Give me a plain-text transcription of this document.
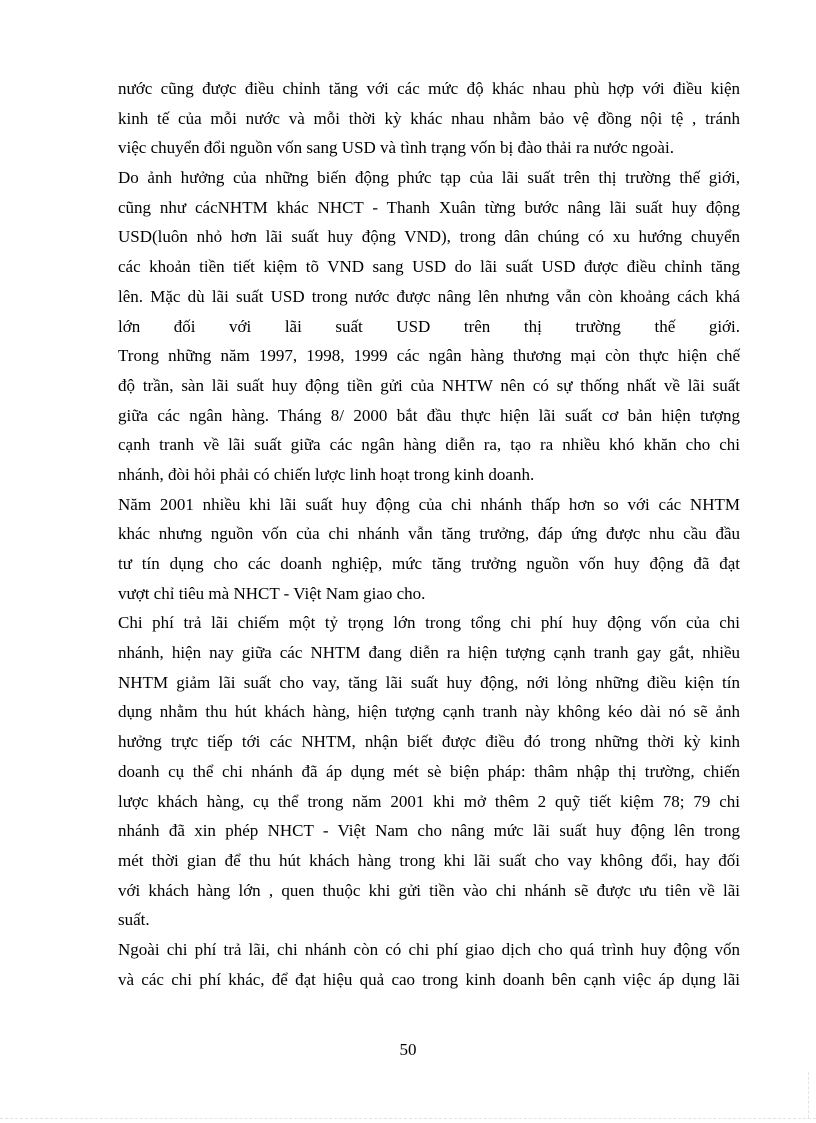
nước cũng được điều chỉnh tăng với các mức độ khác nhau phù hợp với điều kiện
kinh tế của mỗi nước và mỗi thời kỳ khác nhau nhằm bảo vệ đồng nội tệ , tránh
việc chuyển đổi nguồn vốn sang USD và tình trạng vốn bị đào thải ra nước ngoài.
Do ảnh hưởng của những biến động phức tạp của lãi suất trên thị trường thế giới,
cũng như cácNHTM khác NHCT - Thanh Xuân từng bước nâng lãi suất huy động
USD(luôn nhỏ hơn lãi suất huy động VND), trong dân chúng có xu hướng chuyển
các khoản tiền tiết kiệm tõ VND sang USD do lãi suất USD được điều chỉnh tăng
lên. Mặc dù lãi suất USD trong nước được nâng lên nhưng vẫn còn khoảng cách khá
lớn đối với lãi suất USD trên thị trường thế giới.
Trong những năm 1997, 1998, 1999 các ngân hàng thương mại còn thực hiện chế
độ trần, sàn lãi suất huy động tiền gửi của NHTW nên có sự thống nhất về lãi suất
giữa các ngân hàng. Tháng 8/ 2000 bắt đầu thực hiện lãi suất cơ bản hiện tượng
cạnh tranh về lãi suất giữa các ngân hàng diễn ra, tạo ra nhiều khó khăn cho chi
nhánh, đòi hỏi phải có chiến lược linh hoạt trong kinh doanh.
Năm 2001 nhiều khi lãi suất huy động của chi nhánh thấp hơn so với các NHTM
khác nhưng nguồn vốn của chi nhánh vẫn tăng trưởng, đáp ứng được nhu cầu đầu
tư tín dụng cho các doanh nghiệp, mức tăng trưởng nguồn vốn huy động đã đạt
vượt chỉ tiêu mà NHCT - Việt Nam giao cho.
Chi phí trả lãi chiếm một tỷ trọng lớn trong tổng chi phí huy động vốn của chi
nhánh, hiện nay giữa các NHTM đang diễn ra hiện tượng cạnh tranh gay gắt, nhiều
NHTM giảm lãi suất cho vay, tăng lãi suất huy động, nới lỏng những điều kiện tín
dụng nhằm thu hút khách hàng, hiện tượng cạnh tranh này không kéo dài nó sẽ ảnh
hưởng trực tiếp tới các NHTM, nhận biết được điều đó trong những thời kỳ kinh
doanh cụ thể chi nhánh đã áp dụng mét sè biện pháp: thâm nhập thị trường, chiến
lược khách hàng, cụ thể trong năm 2001 khi mở thêm 2 quỹ tiết kiệm 78; 79 chi
nhánh đã xin phép NHCT - Việt Nam cho nâng mức lãi suất huy động lên trong
mét thời gian để thu hút khách hàng trong khi lãi suất cho vay không đổi, hay đối
với khách hàng lớn , quen thuộc khi gửi tiền vào chi nhánh sẽ được ưu tiên về lãi
suất.
Ngoài chi phí trả lãi, chi nhánh còn có chi phí giao dịch cho quá trình huy động vốn
và các chi phí khác, để đạt hiệu quả cao trong kinh doanh bên cạnh việc áp dụng lãi
50
